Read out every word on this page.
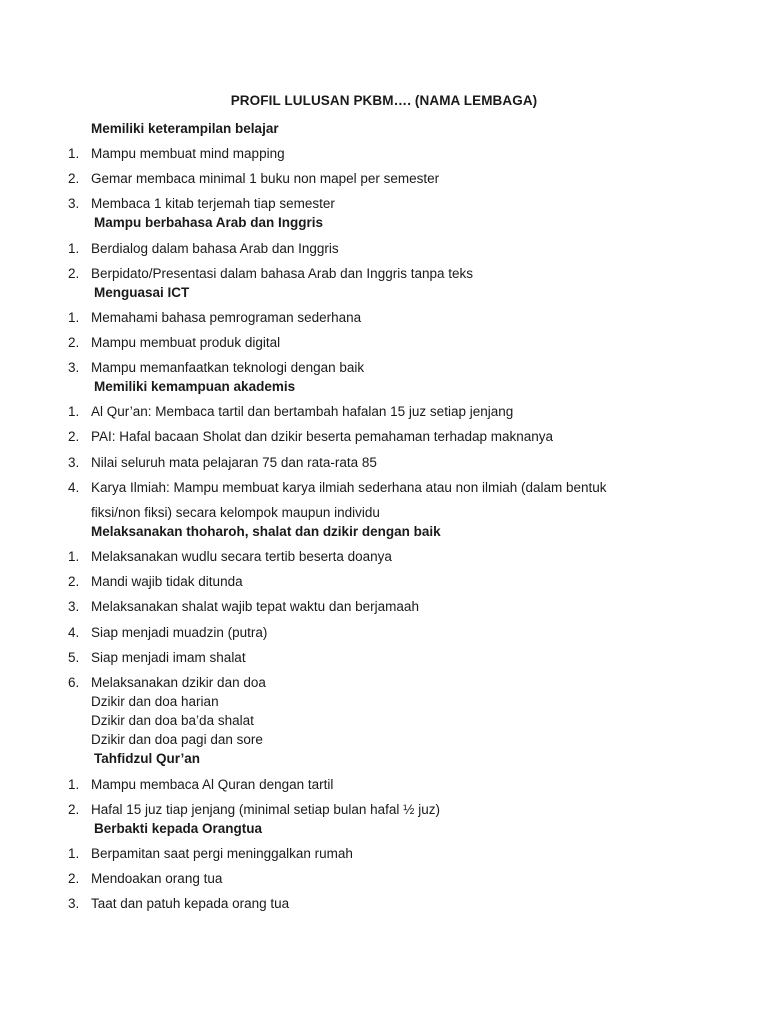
PROFIL LULUSAN PKBM…. (NAMA LEMBAGA)
Memiliki keterampilan belajar
1. Mampu membuat mind mapping
2. Gemar membaca minimal 1 buku non mapel per semester
3. Membaca 1 kitab terjemah tiap semester
Mampu berbahasa Arab dan Inggris
1. Berdialog dalam bahasa Arab dan Inggris
2. Berpidato/Presentasi dalam bahasa Arab dan Inggris tanpa teks
Menguasai ICT
1. Memahami bahasa pemrograman sederhana
2. Mampu membuat produk digital
3. Mampu memanfaatkan teknologi dengan baik
Memiliki kemampuan akademis
1. Al Qur’an: Membaca tartil dan bertambah hafalan 15 juz setiap jenjang
2. PAI: Hafal bacaan Sholat dan dzikir beserta pemahaman terhadap maknanya
3. Nilai seluruh mata pelajaran 75 dan rata-rata 85
4. Karya Ilmiah: Mampu membuat karya ilmiah sederhana atau non ilmiah (dalam bentuk
fiksi/non fiksi) secara kelompok maupun individu
Melaksanakan thoharoh, shalat dan dzikir dengan baik
1. Melaksanakan wudlu secara tertib beserta doanya
2. Mandi wajib tidak ditunda
3. Melaksanakan shalat wajib tepat waktu dan berjamaah
4. Siap menjadi muadzin (putra)
5. Siap menjadi imam shalat
6. Melaksanakan dzikir dan doa
Dzikir dan doa harian
Dzikir dan doa ba’da shalat
Dzikir dan doa pagi dan sore
Tahfidzul Qur’an
1. Mampu membaca Al Quran dengan tartil
2. Hafal 15 juz tiap jenjang (minimal setiap bulan hafal ½ juz)
Berbakti kepada Orangtua
1. Berpamitan saat pergi meninggalkan rumah
2. Mendoakan orang tua
3. Taat dan patuh kepada orang tua
